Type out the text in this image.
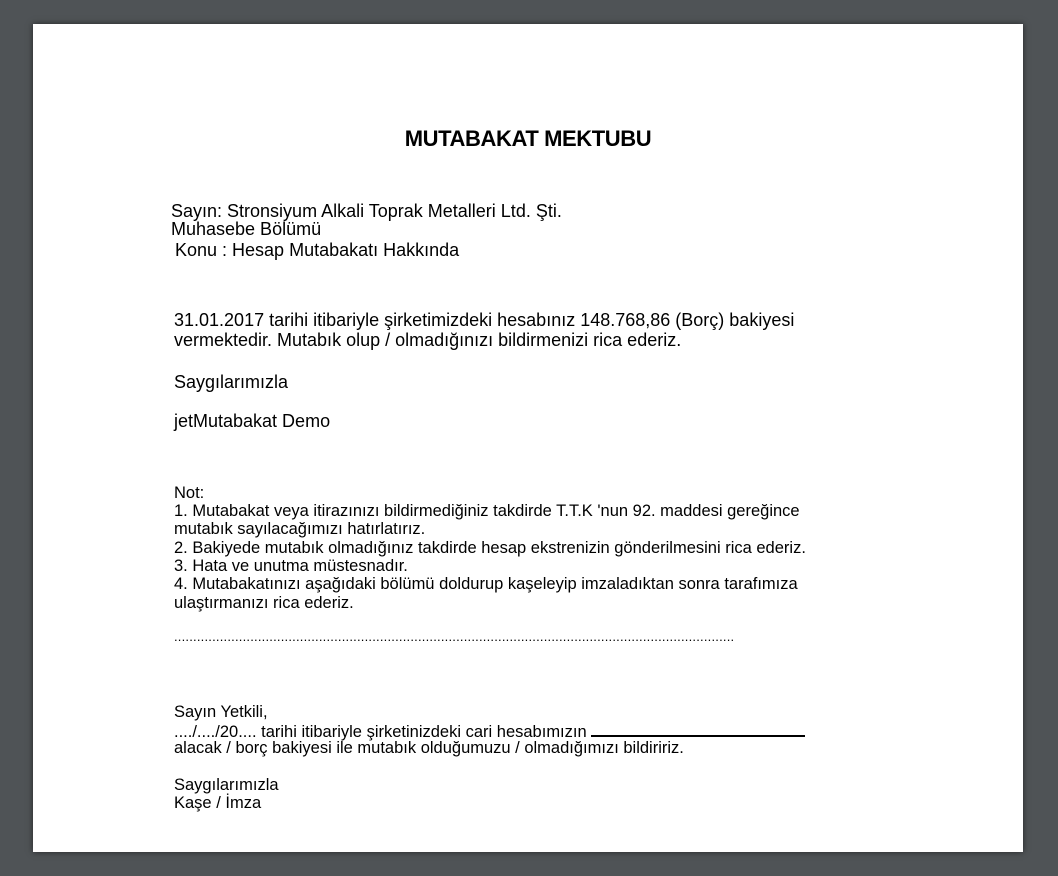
MUTABAKAT MEKTUBU
Sayın: Stronsiyum Alkali Toprak Metalleri Ltd. Şti.
Muhasebe Bölümü
Konu : Hesap Mutabakatı Hakkında
31.01.2017 tarihi itibariyle şirketimizdeki hesabınız 148.768,86 (Borç) bakiyesi
vermektedir. Mutabık olup / olmadığınızı bildirmenizi rica ederiz.
Saygılarımızla
jetMutabakat Demo
Not:
1. Mutabakat veya itirazınızı bildirmediğiniz takdirde T.T.K 'nun 92. maddesi gereğince
mutabık sayılacağımızı hatırlatırız.
2. Bakiyede mutabık olmadığınız takdirde hesap ekstrenizin gönderilmesini rica ederiz.
3. Hata ve unutma müstesnadır.
4. Mutabakatınızı aşağıdaki bölümü doldurup kaşeleyip imzaladıktan sonra tarafımıza
ulaştırmanızı rica ederiz.
...................................................................................................................................................
Sayın Yetkili,
..../..../20.... tarihi itibariyle şirketinizdeki cari hesabımızın
alacak / borç bakiyesi ile mutabık olduğumuzu / olmadığımızı bildiririz.
Saygılarımızla
Kaşe / İmza
